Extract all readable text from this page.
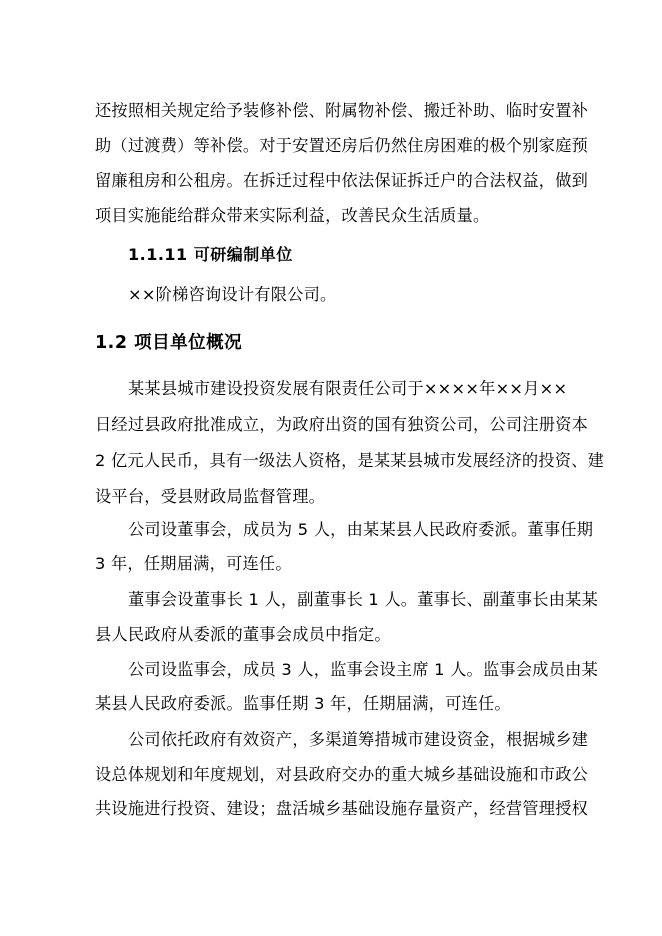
还按照相关规定给予装修补偿、附属物补偿、搬迁补助、临时安置补
助（过渡费）等补偿。对于安置还房后仍然住房困难的极个别家庭预
留廉租房和公租房。在拆迁过程中依法保证拆迁户的合法权益，做到
项目实施能给群众带来实际利益，改善民众生活质量。
1.1.11 可研编制单位
××阶梯咨询设计有限公司。
1.2 项目单位概况
某某县城市建设投资发展有限责任公司于××××年××月××
日经过县政府批准成立，为政府出资的国有独资公司，公司注册资本
2 亿元人民币，具有一级法人资格，是某某县城市发展经济的投资、建
设平台，受县财政局监督管理。
公司设董事会，成员为 5 人，由某某县人民政府委派。董事任期
3 年，任期届满，可连任。
董事会设董事长 1 人，副董事长 1 人。董事长、副董事长由某某
县人民政府从委派的董事会成员中指定。
公司设监事会，成员 3 人，监事会设主席 1 人。监事会成员由某
某县人民政府委派。监事任期 3 年，任期届满，可连任。
公司依托政府有效资产，多渠道筹措城市建设资金，根据城乡建
设总体规划和年度规划，对县政府交办的重大城乡基础设施和市政公
共设施进行投资、建设；盘活城乡基础设施存量资产，经营管理授权
